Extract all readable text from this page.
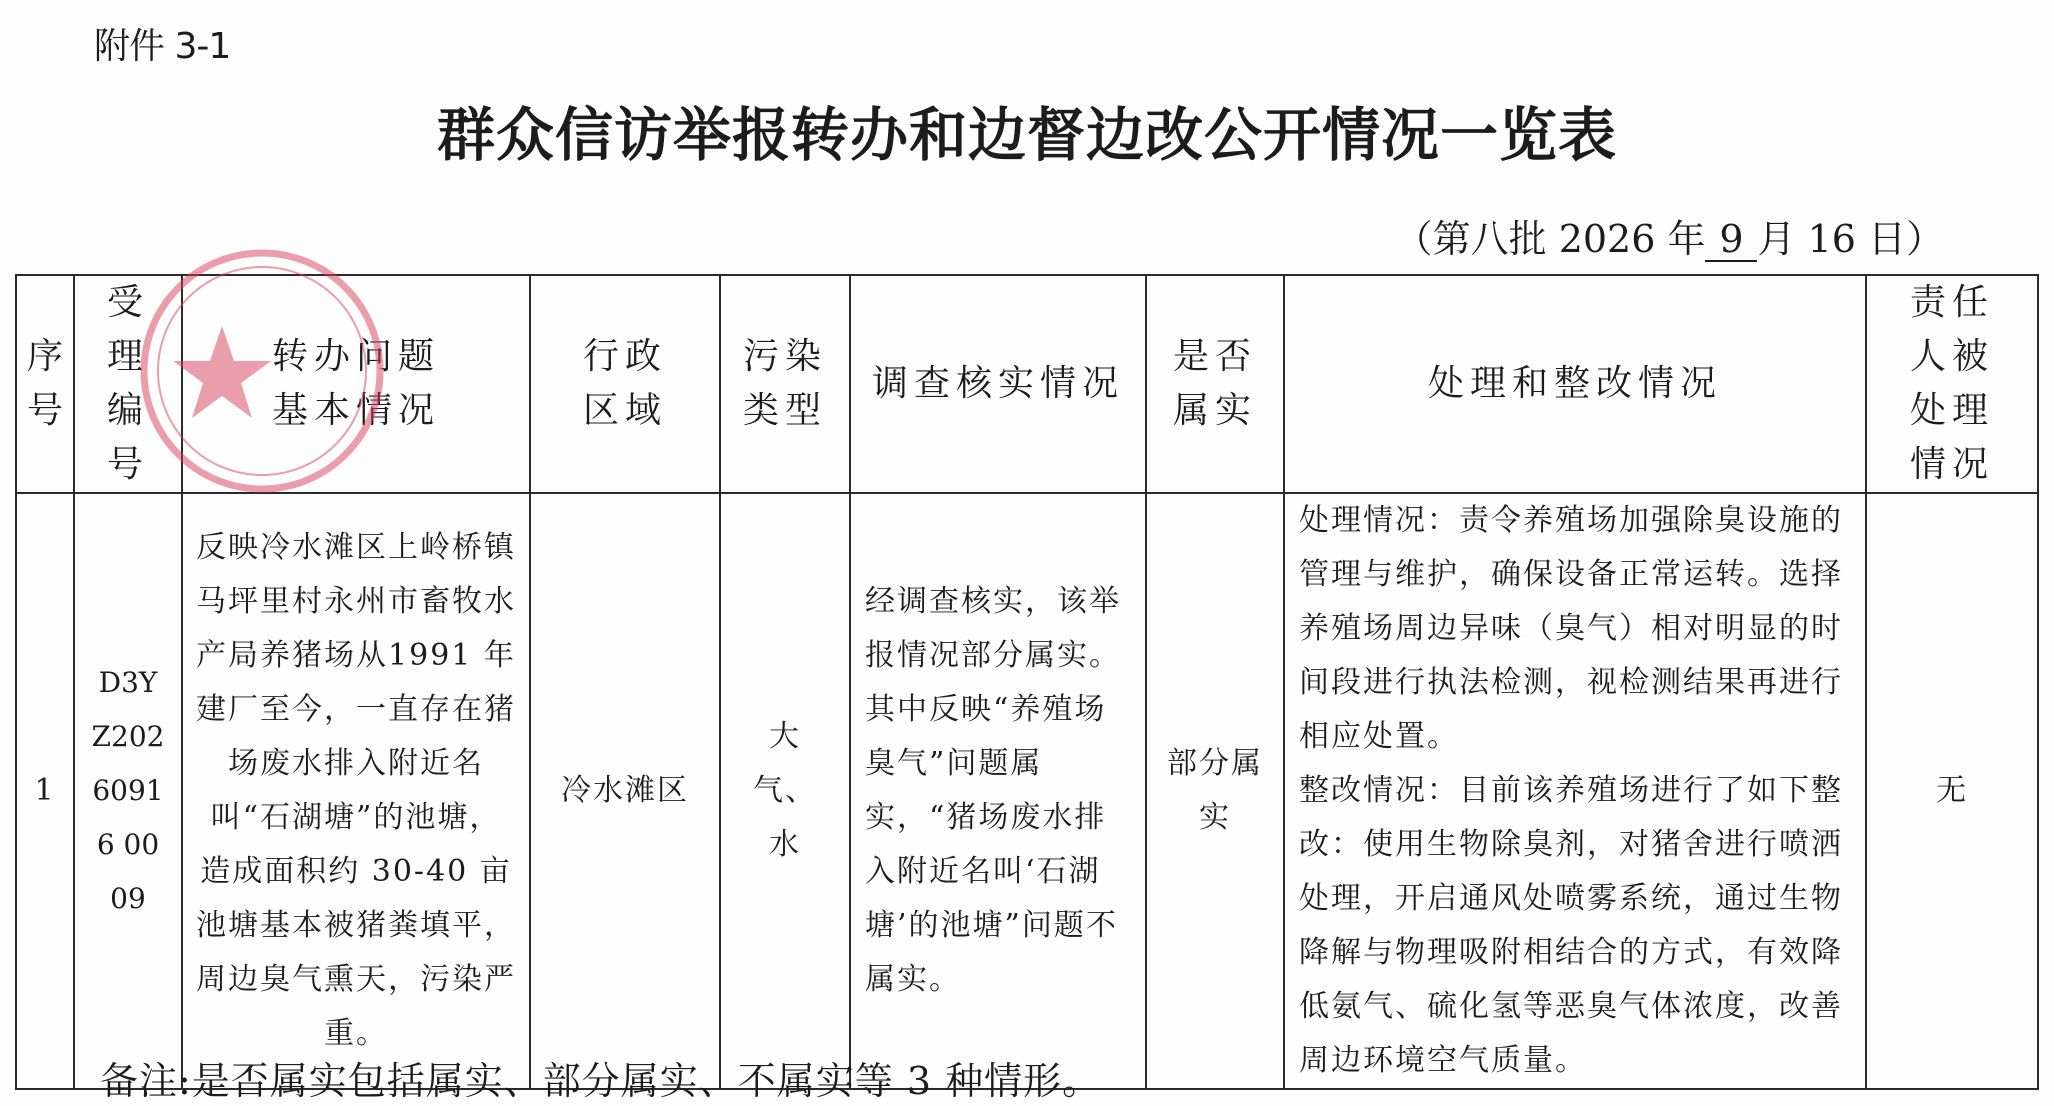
附件 3-1
群众信访举报转办和边督边改公开情况一览表
（第八批 2026 年 9 月 16 日）
序号	受理编号	转办问题基本情况	行政区域	污染类型	调查核实情况	是否属实	处理和整改情况	责任人被处理情况
1	D3YZ20260916 0009	反映冷水滩区上岭桥镇马坪里村永州市畜牧水产局养猪场从1991 年建厂至今，一直存在猪场废水排入附近名叫“石湖塘”的池塘，造成面积约 30-40 亩池塘基本被猪粪填平，周边臭气熏天，污染严重。	冷水滩区	大气、水	经调查核实，该举报情况部分属实。其中反映“养殖场臭气”问题属实，“猪场废水排入附近名叫‘石湖塘’的池塘”问题不属实。	部分属实	处理情况：责令养殖场加强除臭设施的管理与维护，确保设备正常运转。选择养殖场周边异味（臭气）相对明显的时间段进行执法检测，视检测结果再进行相应处置。
整改情况：目前该养殖场进行了如下整改：使用生物除臭剂，对猪舍进行喷洒处理，开启通风处喷雾系统，通过生物降解与物理吸附相结合的方式，有效降低氨气、硫化氢等恶臭气体浓度，改善周边环境空气质量。	无
备注:是否属实包括属实、部分属实、不属实等 3 种情形。
